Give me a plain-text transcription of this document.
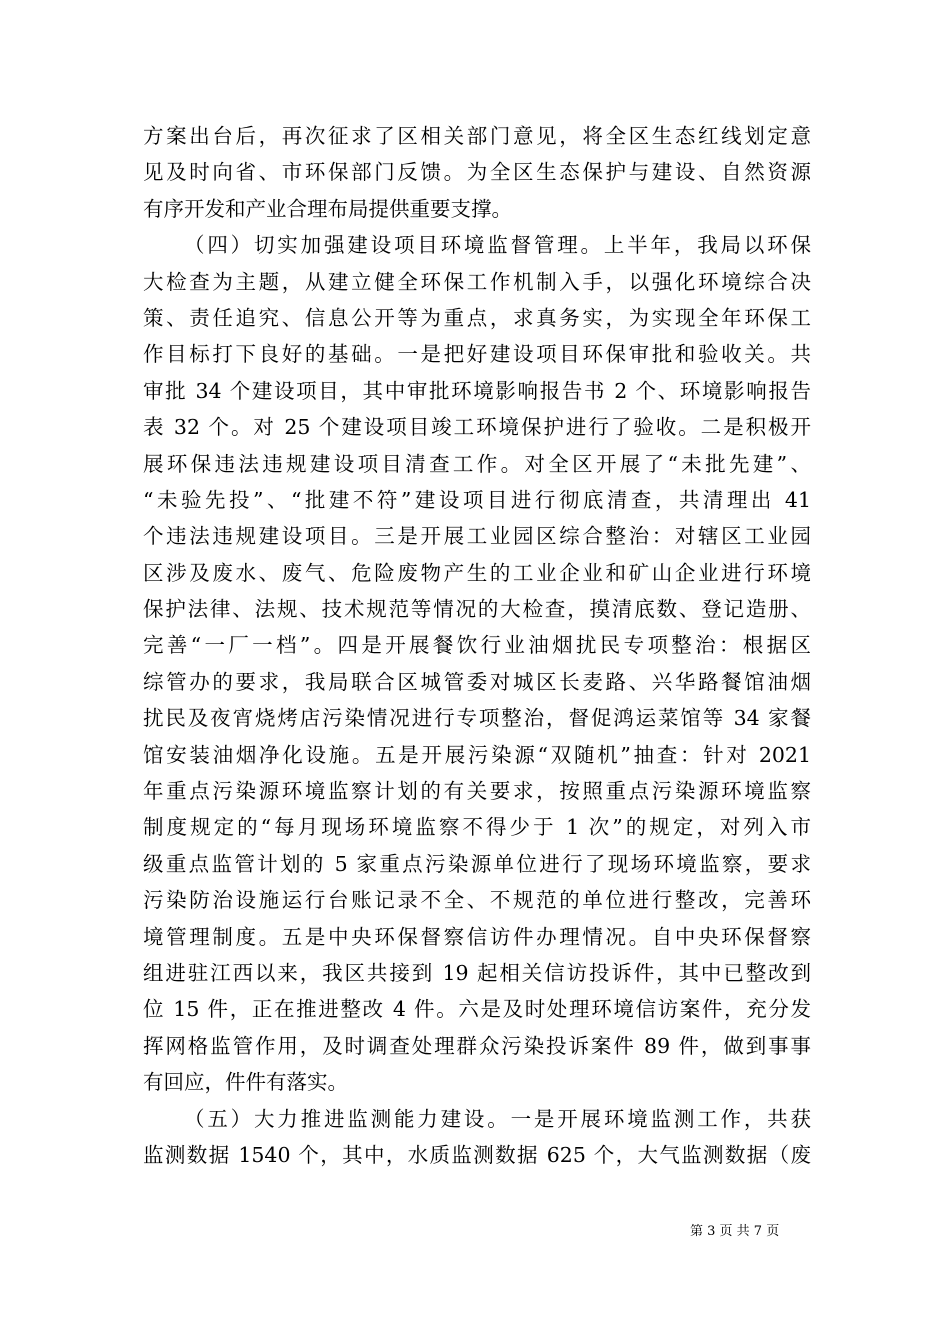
方案出台后，再次征求了区相关部门意见，将全区生态红线划定意
见及时向省、市环保部门反馈。为全区生态保护与建设、自然资源
有序开发和产业合理布局提供重要支撑。
（四）切实加强建设项目环境监督管理。上半年，我局以环保
大检查为主题，从建立健全环保工作机制入手，以强化环境综合决
策、责任追究、信息公开等为重点，求真务实，为实现全年环保工
作目标打下良好的基础。一是把好建设项目环保审批和验收关。共
审批 34 个建设项目，其中审批环境影响报告书 2 个、环境影响报告
表 32 个。对 25 个建设项目竣工环境保护进行了验收。二是积极开
展环保违法违规建设项目清查工作。对全区开展了“未批先建”、
“未验先投”、“批建不符”建设项目进行彻底清查，共清理出 41
个违法违规建设项目。三是开展工业园区综合整治：对辖区工业园
区涉及废水、废气、危险废物产生的工业企业和矿山企业进行环境
保护法律、法规、技术规范等情况的大检查，摸清底数、登记造册、
完善“一厂一档”。四是开展餐饮行业油烟扰民专项整治：根据区
综管办的要求，我局联合区城管委对城区长麦路、兴华路餐馆油烟
扰民及夜宵烧烤店污染情况进行专项整治，督促鸿运菜馆等 34 家餐
馆安装油烟净化设施。五是开展污染源“双随机”抽查：针对 2021
年重点污染源环境监察计划的有关要求，按照重点污染源环境监察
制度规定的“每月现场环境监察不得少于 1 次”的规定，对列入市
级重点监管计划的 5 家重点污染源单位进行了现场环境监察，要求
污染防治设施运行台账记录不全、不规范的单位进行整改，完善环
境管理制度。五是中央环保督察信访件办理情况。自中央环保督察
组进驻江西以来，我区共接到 19 起相关信访投诉件，其中已整改到
位 15 件，正在推进整改 4 件。六是及时处理环境信访案件，充分发
挥网格监管作用，及时调查处理群众污染投诉案件 89 件，做到事事
有回应，件件有落实。
（五）大力推进监测能力建设。一是开展环境监测工作，共获
监测数据 1540 个，其中，水质监测数据 625 个，大气监测数据（废
第 3 页 共 7 页
